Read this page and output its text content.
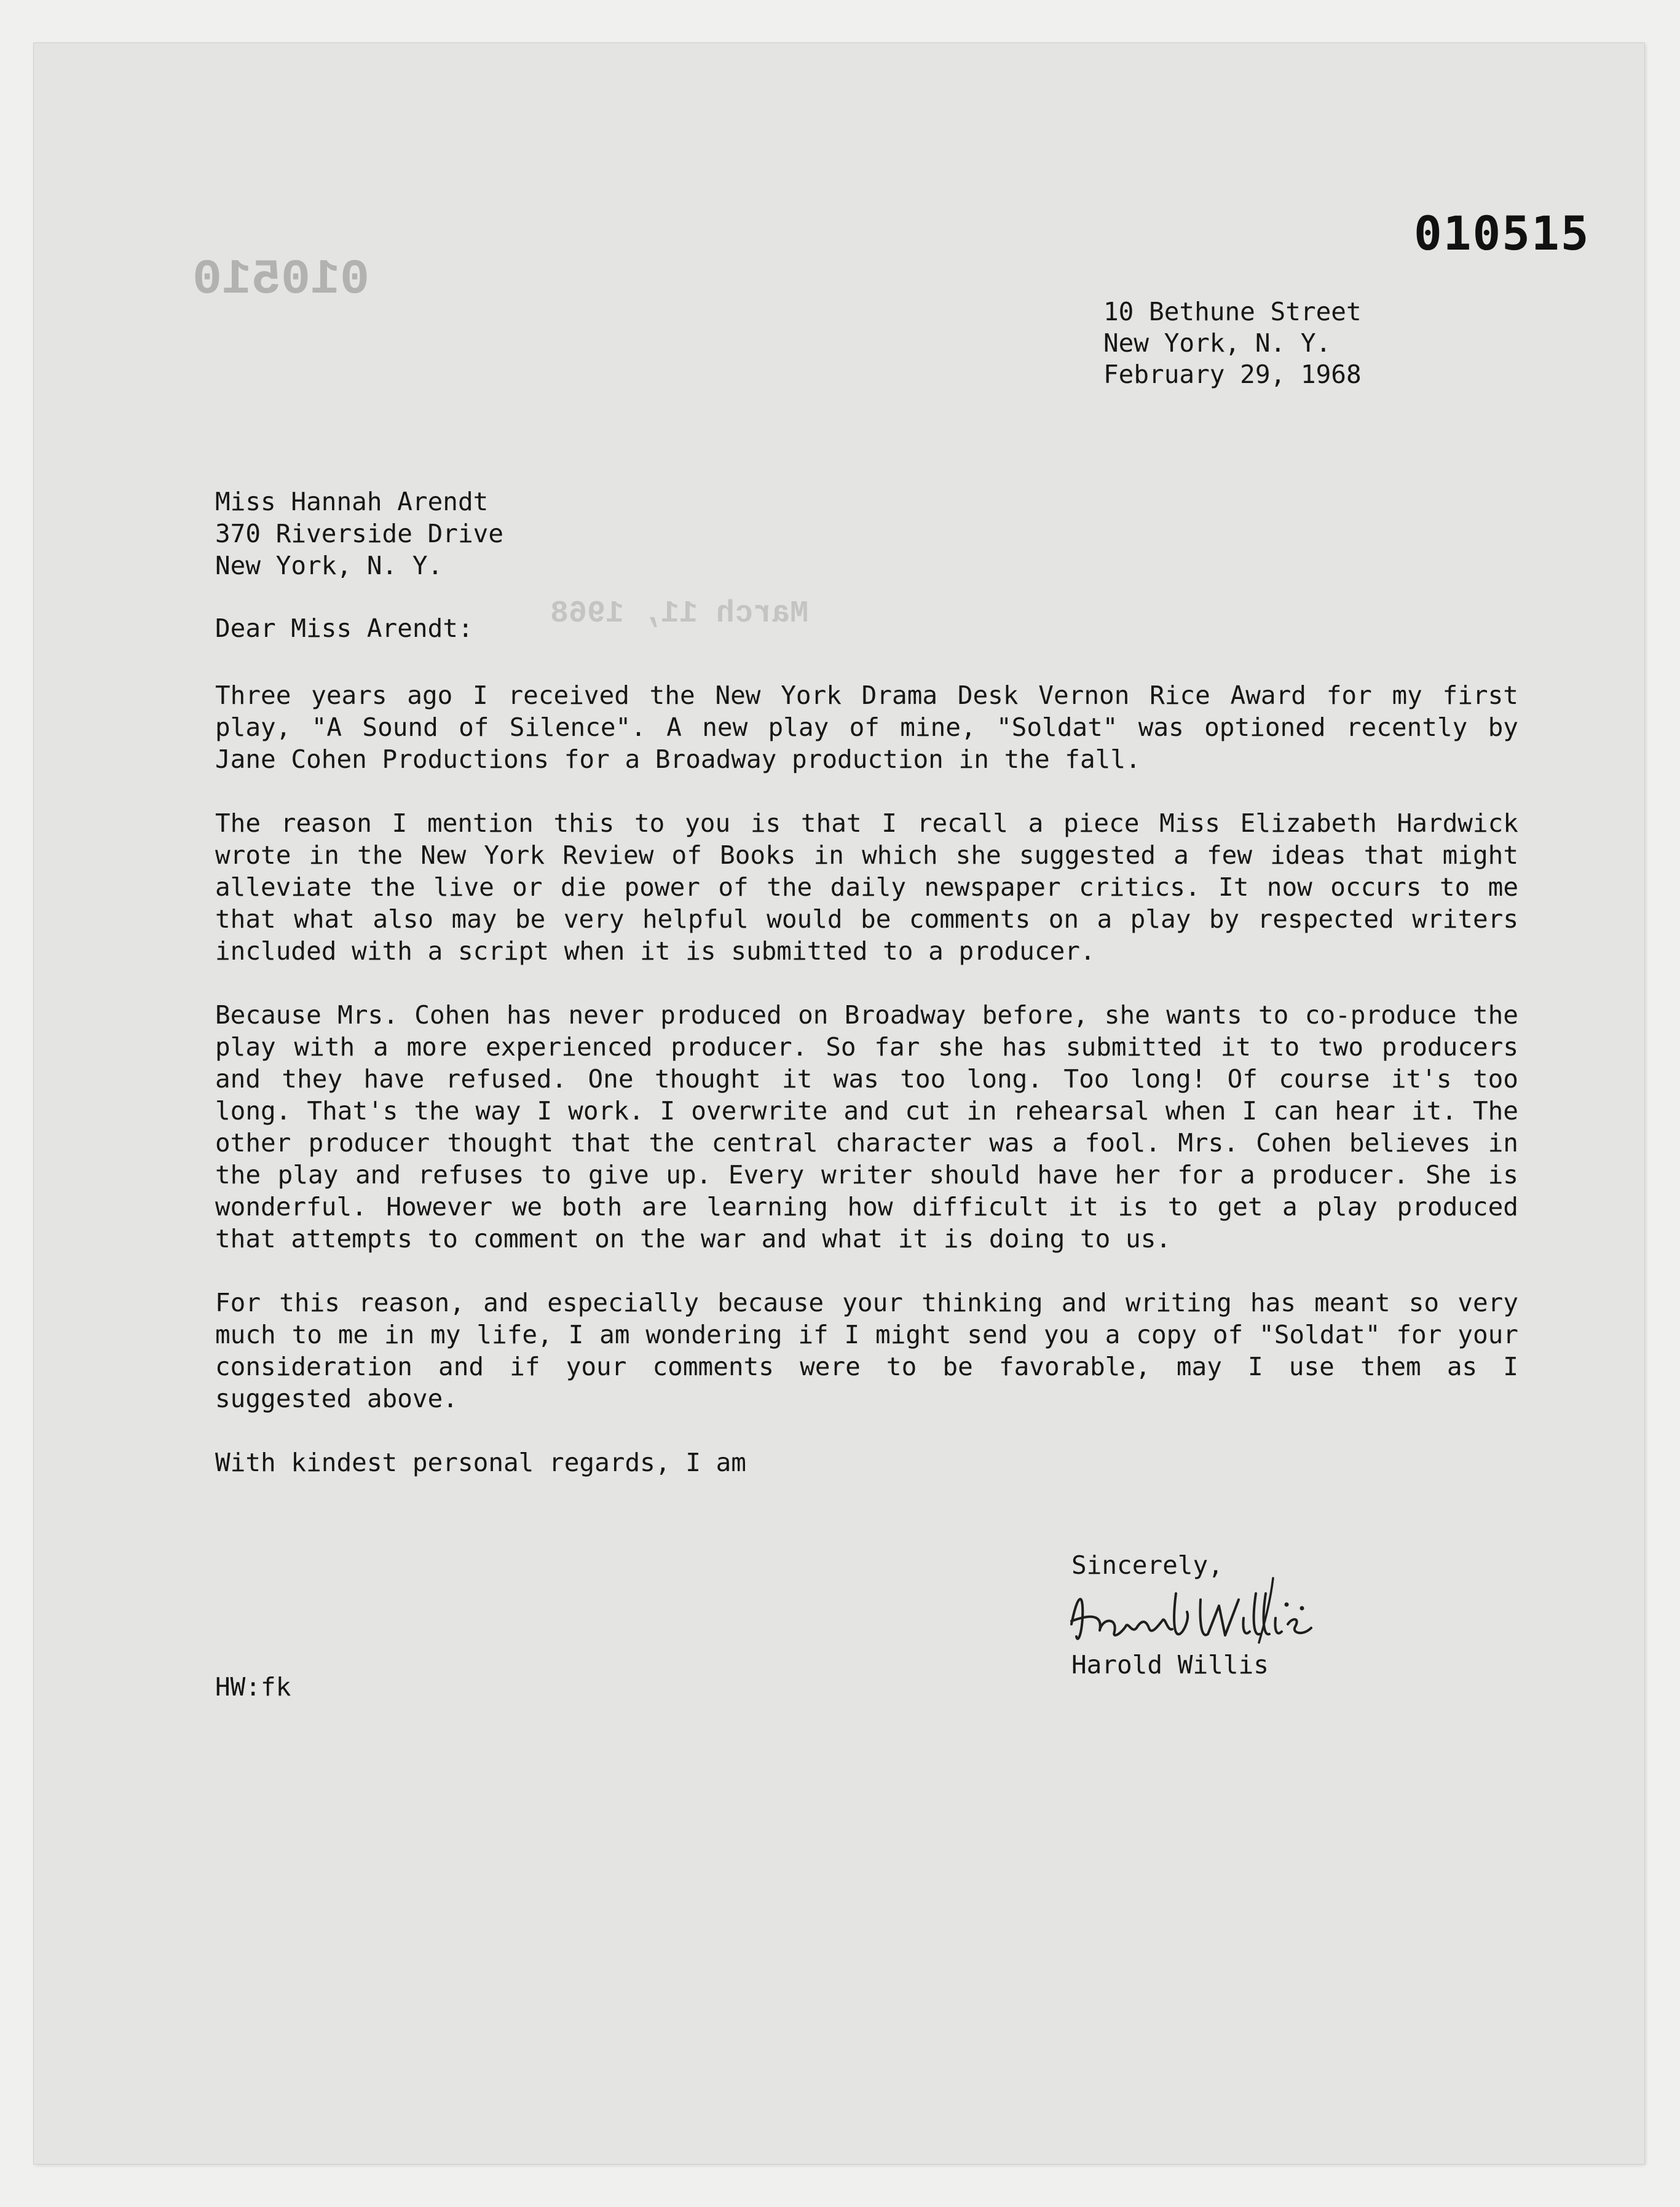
010515
010510
March 11, 1968
10 Bethune Street
New York, N. Y.
February 29, 1968
Miss Hannah Arendt
370 Riverside Drive
New York, N. Y.

Dear Miss Arendt:

Three years ago I received the New York Drama Desk Vernon Rice Award for my first play, "A Sound of Silence". A new play of mine, "Soldat" was optioned recently by Jane Cohen Productions for a Broadway production in the fall.

The reason I mention this to you is that I recall a piece Miss Elizabeth Hardwick wrote in the New York Review of Books in which she suggested a few ideas that might alleviate the live or die power of the daily newspaper critics. It now occurs to me that what also may be very helpful would be comments on a play by respected writers included with a script when it is submitted to a producer.

Because Mrs. Cohen has never produced on Broadway before, she wants to co-produce the play with a more experienced producer. So far she has submitted it to two producers and they have refused. One thought it was too long. Too long! Of course it's too long. That's the way I work. I overwrite and cut in rehearsal when I can hear it. The other producer thought that the central character was a fool. Mrs. Cohen believes in the play and refuses to give up. Every writer should have her for a producer. She is wonderful. However we both are learning how difficult it is to get a play produced that attempts to comment on the war and what it is doing to us.

For this reason, and especially because your thinking and writing has meant so very much to me in my life, I am wondering if I might send you a copy of "Soldat" for your consideration and if your comments were to be favorable, may I use them as I suggested above.

With kindest personal regards, I am

Sincerely,
Harold Willis
HW:fk
